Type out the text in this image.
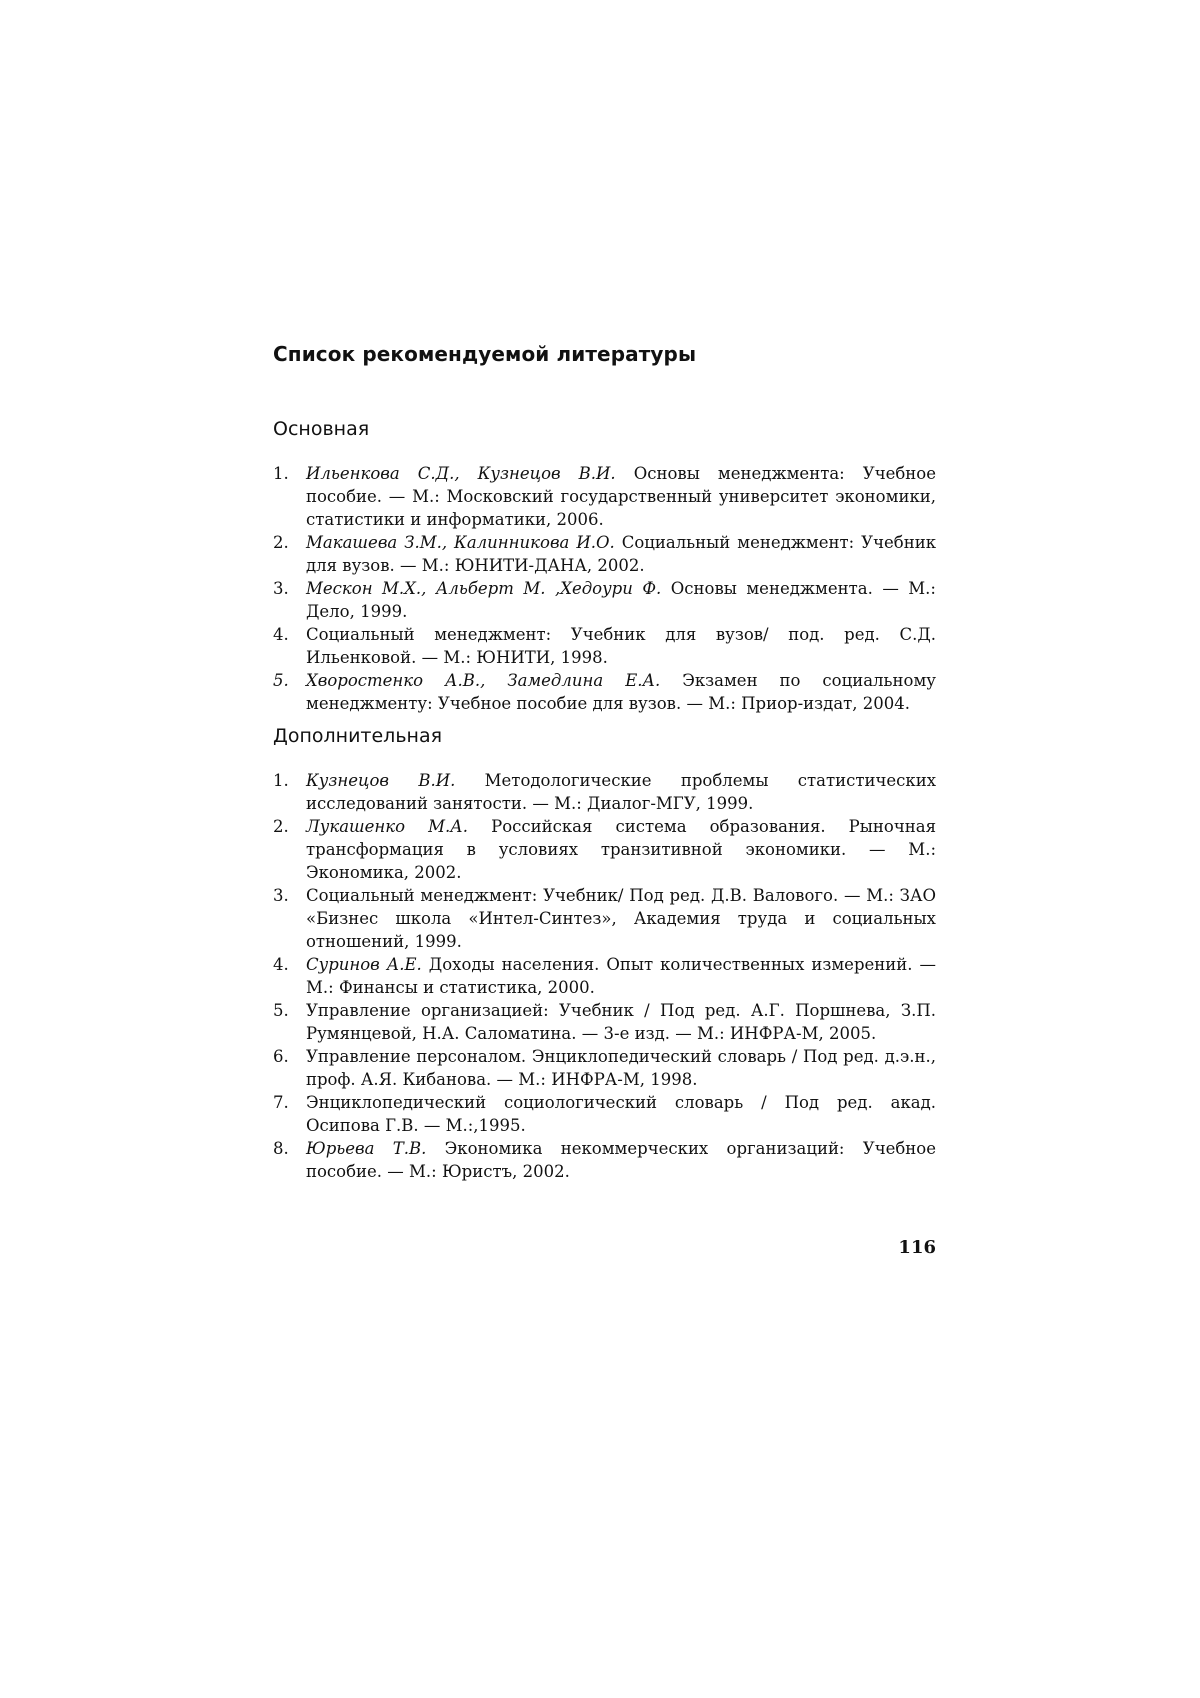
Список рекомендуемой литературы
Основная
1. Ильенкова С.Д., Кузнецов В.И. Основы менеджмента: Учебное пособие. — М.: Московский государственный университет экономики, статистики и информатики, 2006.
2. Макашева З.М., Калинникова И.О. Социальный менеджмент: Учебник для вузов. — М.: ЮНИТИ-ДАНА, 2002.
3. Мескон М.Х., Альберт М. ,Хедоури Ф. Основы менеджмента. — М.: Дело, 1999.
4. Социальный менеджмент: Учебник для вузов/ под. ред. С.Д. Ильенковой. — М.: ЮНИТИ, 1998.
5. Хворостенко А.В., Замедлина Е.А. Экзамен по социальному менеджменту: Учебное пособие для вузов. — М.: Приор-издат, 2004.
Дополнительная
1. Кузнецов В.И. Методологические проблемы статистических исследований занятости. — М.: Диалог-МГУ, 1999.
2. Лукашенко М.А. Российская система образования. Рыночная трансформация в условиях транзитивной экономики. — М.: Экономика, 2002.
3. Социальный менеджмент: Учебник/ Под ред. Д.В. Валового. — М.: ЗАО «Бизнес школа «Интел-Синтез», Академия труда и социальных отношений, 1999.
4. Суринов А.Е. Доходы населения. Опыт количественных измерений. — М.: Финансы и статистика, 2000.
5. Управление организацией: Учебник / Под ред. А.Г. Поршнева, З.П. Румянцевой, Н.А. Саломатина. — 3-е изд. — М.: ИНФРА-М, 2005.
6. Управление персоналом. Энциклопедический словарь / Под ред. д.э.н., проф. А.Я. Кибанова. — М.: ИНФРА-М, 1998.
7. Энциклопедический социологический словарь / Под ред. акад. Осипова Г.В. — М.:,1995.
8. Юрьева Т.В. Экономика некоммерческих организаций: Учебное пособие. — М.: Юристъ, 2002.
116
